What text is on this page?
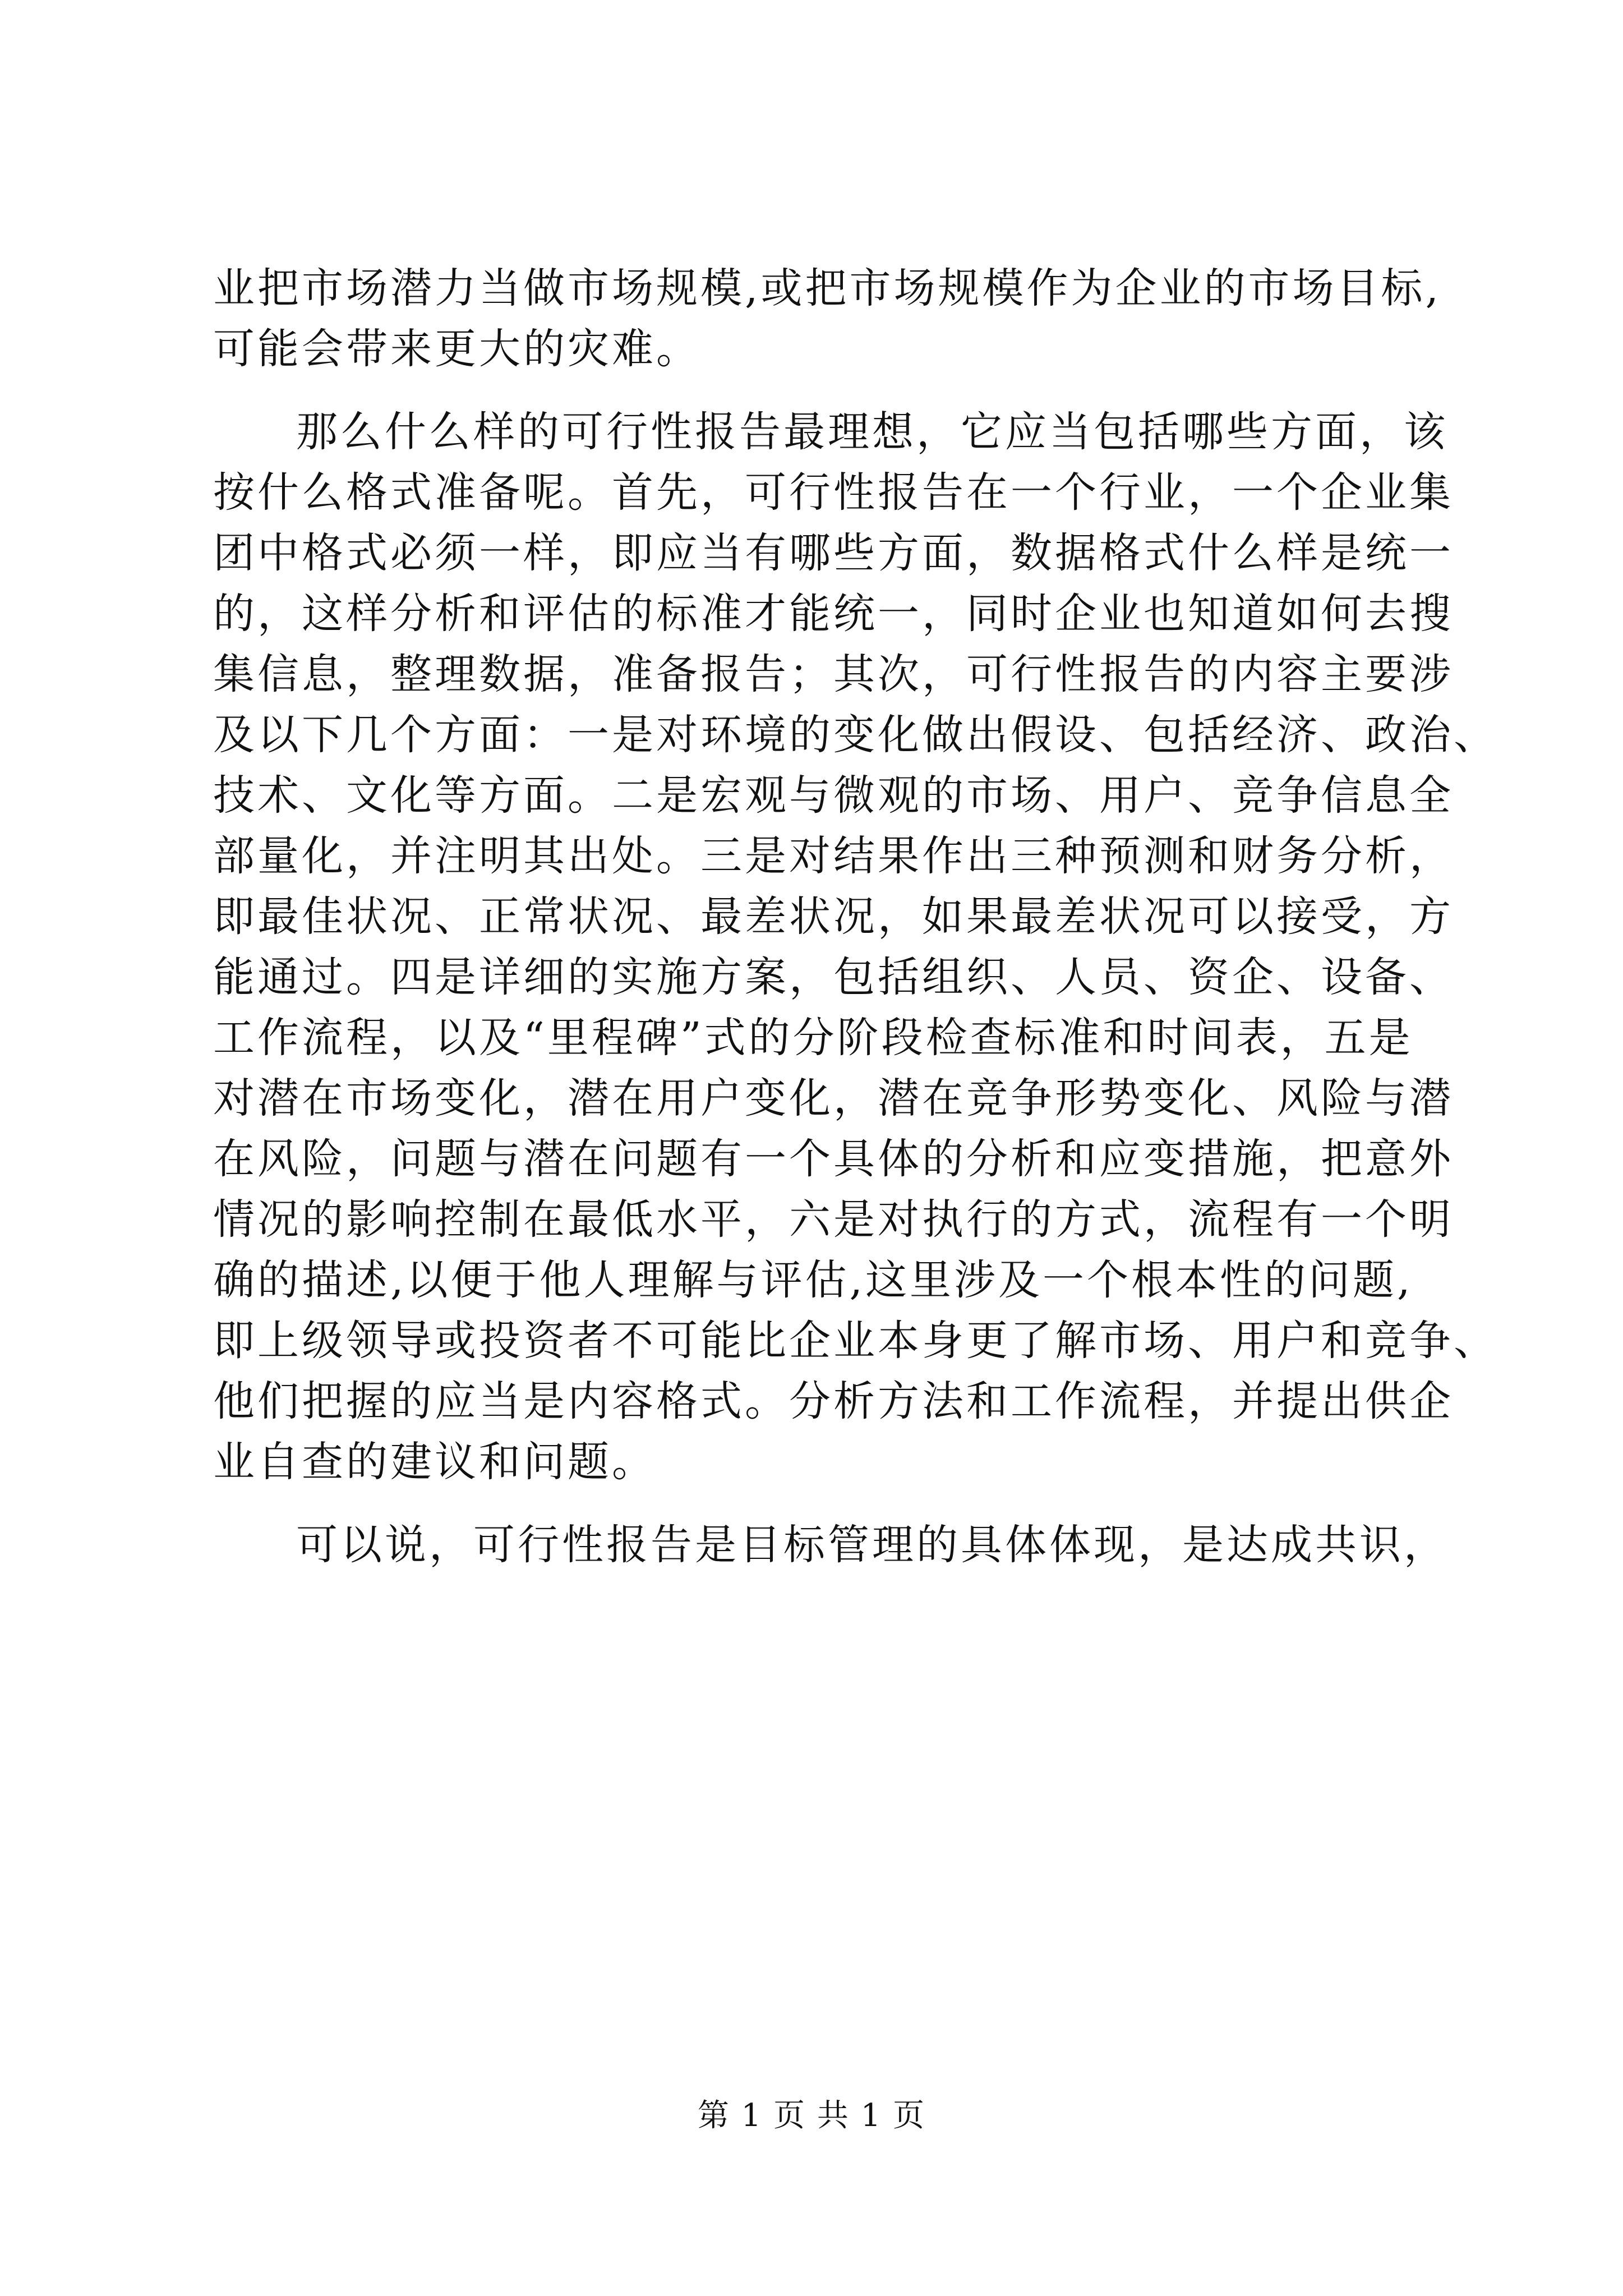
业把市场潜力当做市场规模,或把市场规模作为企业的市场目标,
可能会带来更大的灾难。
那么什么样的可行性报告最理想，它应当包括哪些方面，该
按什么格式准备呢。首先，可行性报告在一个行业，一个企业集
团中格式必须一样，即应当有哪些方面，数据格式什么样是统一
的，这样分析和评估的标准才能统一，同时企业也知道如何去搜
集信息，整理数据，准备报告；其次，可行性报告的内容主要涉
及以下几个方面：一是对环境的变化做出假设、包括经济、政治、
技术、文化等方面。二是宏观与微观的市场、用户、竞争信息全
部量化，并注明其出处。三是对结果作出三种预测和财务分析，
即最佳状况、正常状况、最差状况，如果最差状况可以接受，方
能通过。四是详细的实施方案，包括组织、人员、资企、设备、
工作流程，以及“里程碑”式的分阶段检查标准和时间表，五是
对潜在市场变化，潜在用户变化，潜在竞争形势变化、风险与潜
在风险，问题与潜在问题有一个具体的分析和应变措施，把意外
情况的影响控制在最低水平，六是对执行的方式，流程有一个明
确的描述,以便于他人理解与评估,这里涉及一个根本性的问题,
即上级领导或投资者不可能比企业本身更了解市场、用户和竞争、
他们把握的应当是内容格式。分析方法和工作流程，并提出供企
业自查的建议和问题。
可以说，可行性报告是目标管理的具体体现，是达成共识，
第 1 页 共 1 页
